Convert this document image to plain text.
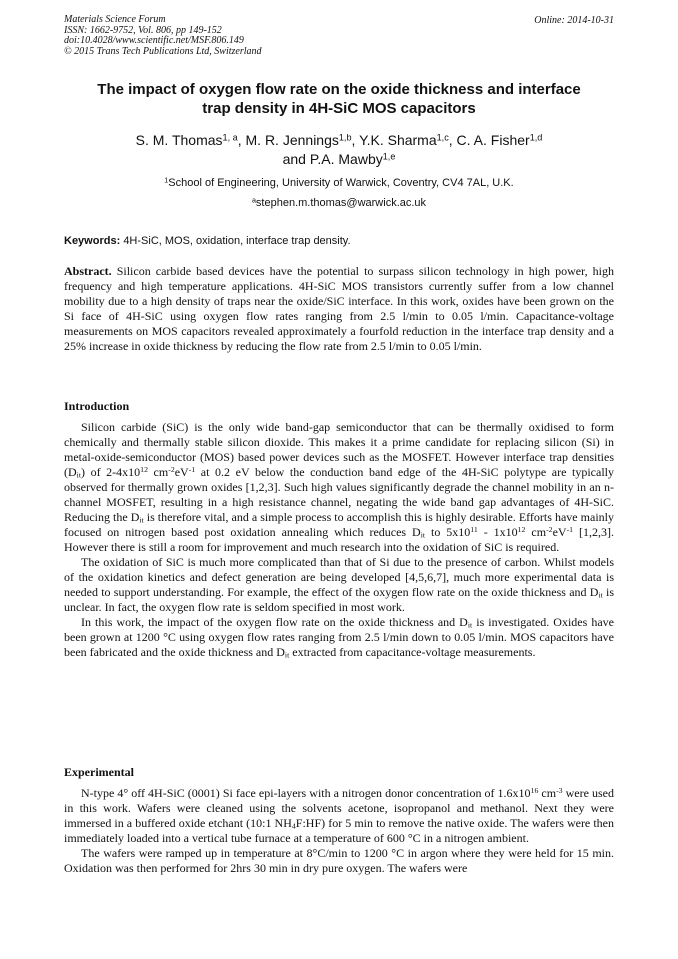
Materials Science Forum
ISSN: 1662-9752, Vol. 806, pp 149-152
doi:10.4028/www.scientific.net/MSF.806.149
© 2015 Trans Tech Publications Ltd, Switzerland
Online: 2014-10-31
The impact of oxygen flow rate on the oxide thickness and interface
trap density in 4H-SiC MOS capacitors
S. M. Thomas$^{1, a}$, M. R. Jennings$^{1,b}$, Y.K. Sharma$^{1,c}$, C. A. Fisher$^{1,d}$
and P.A. Mawby$^{1,e}$
$^1$School of Engineering, University of Warwick, Coventry, CV4 7AL, U.K.
$^a$stephen.m.thomas@warwick.ac.uk
Keywords: 4H-SiC, MOS, oxidation, interface trap density.

Abstract. Silicon carbide based devices have the potential to surpass silicon technology in high power, high frequency and high temperature applications. 4H-SiC MOS transistors currently suffer from a low channel mobility due to a high density of traps near the oxide/SiC interface. In this work, oxides have been grown on the Si face of 4H-SiC using oxygen flow rates ranging from 2.5 l/min to 0.05 l/min. Capacitance-voltage measurements on MOS capacitors revealed approximately a fourfold reduction in the interface trap density and a 25% increase in oxide thickness by reducing the flow rate from 2.5 l/min to 0.05 l/min.

Introduction

Silicon carbide (SiC) is the only wide band-gap semiconductor that can be thermally oxidised to form chemically and thermally stable silicon dioxide. This makes it a prime candidate for replacing silicon (Si) in metal-oxide-semiconductor (MOS) based power devices such as the MOSFET. However interface trap densities $(D_{it})$ of $2-4x10^{12}$ $cm^{-2}eV^{-1}$ at 0.2 eV below the conduction band edge of the 4H-SiC polytype are typically observed for thermally grown oxides [1,2,3]. Such high values significantly degrade the channel mobility in an n-channel MOSFET, resulting in a high resistance channel, negating the wide band gap advantages of 4H-SiC. Reducing the $D_{it}$ is therefore vital, and a simple process to accomplish this is highly desirable. Efforts have mainly focused on nitrogen based post oxidation annealing which reduces $D_{it}$ to $5x10^{11} - 1x10^{12}$ $cm^{-2}eV^{-1}$ [1,2,3]. However there is still a room for improvement and much research into the oxidation of SiC is required.

The oxidation of SiC is much more complicated than that of Si due to the presence of carbon. Whilst models of the oxidation kinetics and defect generation are being developed [4,5,6,7], much more experimental data is needed to support understanding. For example, the effect of the oxygen flow rate on the oxide thickness and $D_{it}$ is unclear. In fact, the oxygen flow rate is seldom specified in most work.

In this work, the impact of the oxygen flow rate on the oxide thickness and $D_{it}$ is investigated. Oxides have been grown at 1200 °C using oxygen flow rates ranging from 2.5 l/min down to 0.05 l/min. MOS capacitors have been fabricated and the oxide thickness and $D_{it}$ extracted from capacitance-voltage measurements.

Experimental

N-type 4° off 4H-SiC (0001) Si face epi-layers with a nitrogen donor concentration of $1.6x10^{16}$ $cm^{-3}$ were used in this work. Wafers were cleaned using the solvents acetone, isopropanol and methanol. Next they were immersed in a buffered oxide etchant (10:1 $NH_4F:HF$) for 5 min to remove the native oxide. The wafers were then immediately loaded into a vertical tube furnace at a temperature of 600 °C in a nitrogen ambient.

The wafers were ramped up in temperature at 8°C/min to 1200 °C in argon where they were held for 15 min. Oxidation was then performed for 2hrs 30 min in dry pure oxygen. The wafers were
